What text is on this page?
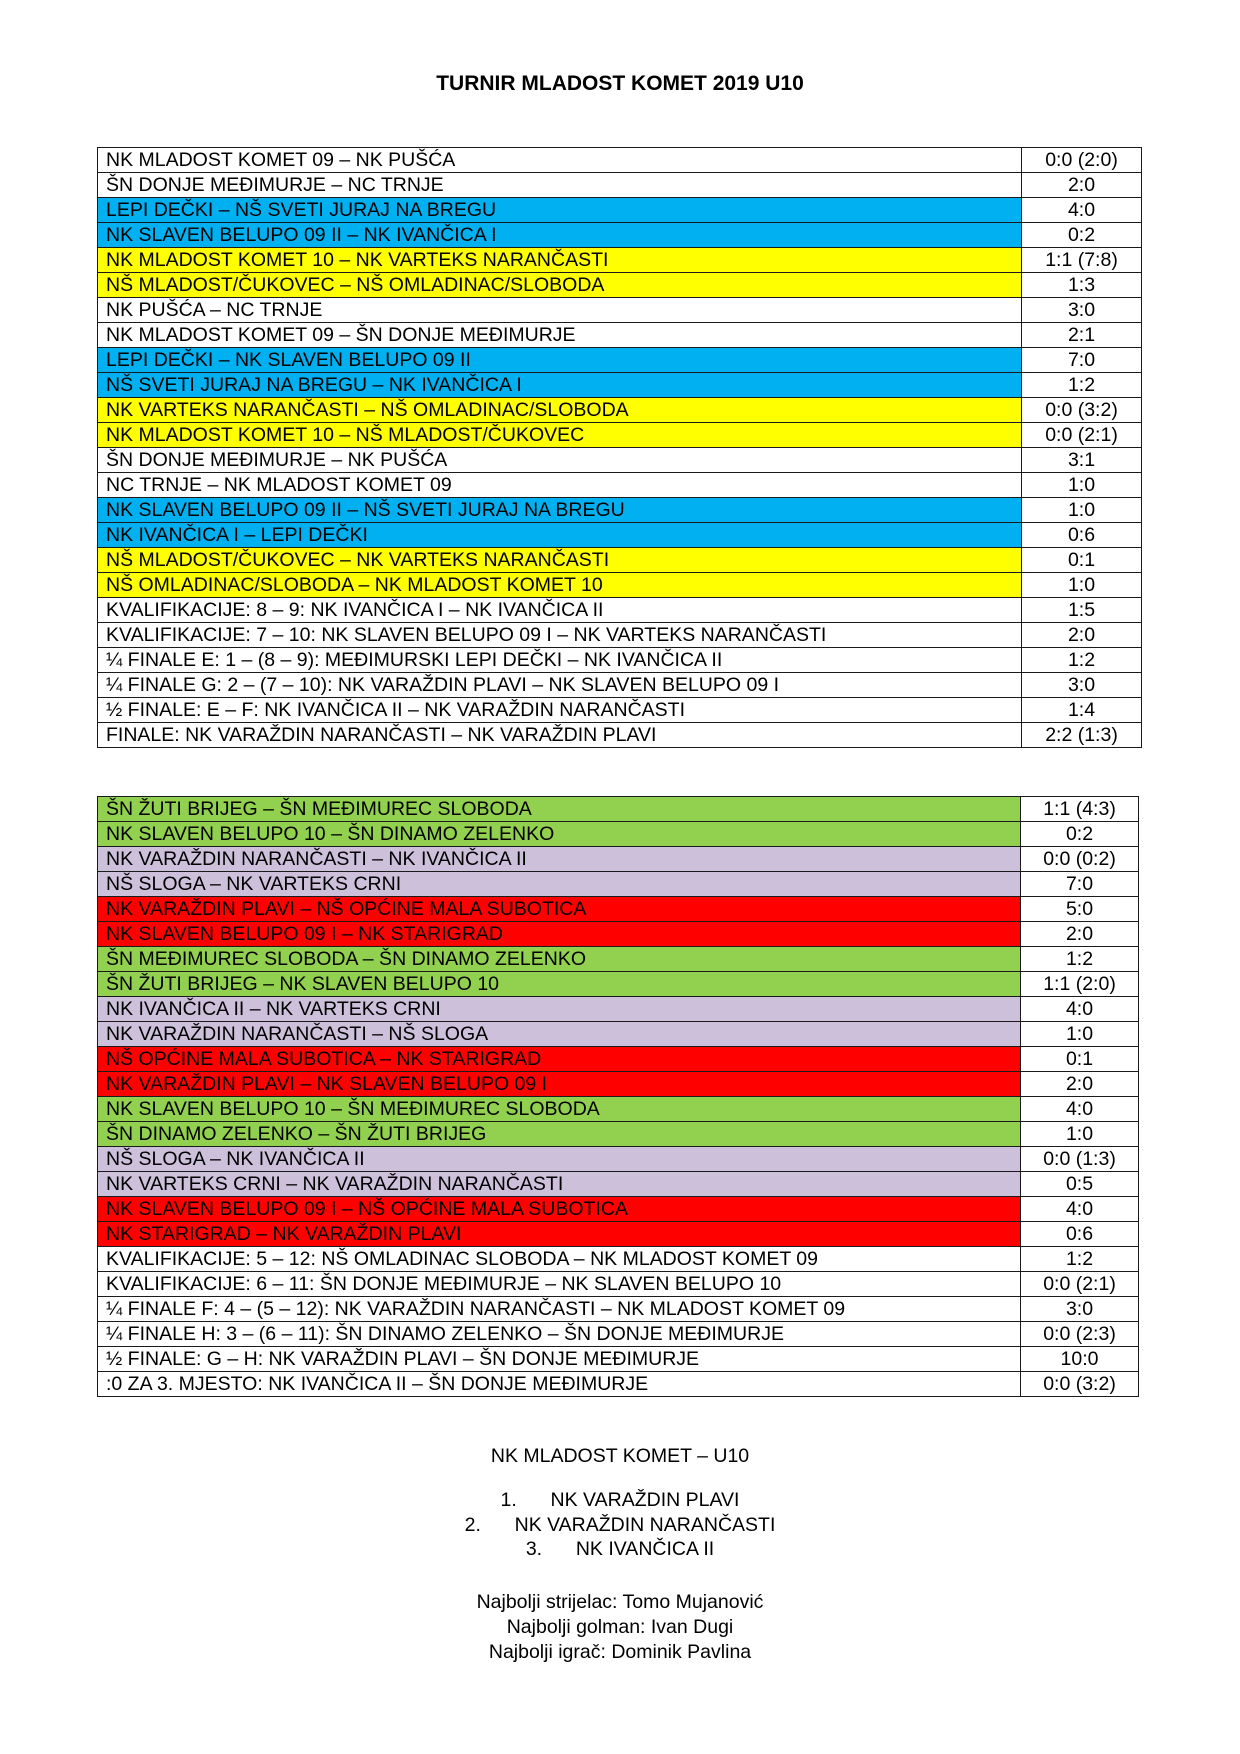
TURNIR MLADOST KOMET 2019 U10
NK MLADOST KOMET 09 – NK PUŠĆA	0:0 (2:0)
ŠN DONJE MEĐIMURJE – NC TRNJE	2:0
LEPI DEČKI – NŠ SVETI JURAJ NA BREGU	4:0
NK SLAVEN BELUPO 09 II – NK IVANČICA I	0:2
NK MLADOST KOMET 10 – NK VARTEKS NARANČASTI	1:1 (7:8)
NŠ MLADOST/ČUKOVEC – NŠ OMLADINAC/SLOBODA	1:3
NK PUŠĆA – NC TRNJE	3:0
NK MLADOST KOMET 09 – ŠN DONJE MEĐIMURJE	2:1
LEPI DEČKI – NK SLAVEN BELUPO 09 II	7:0
NŠ SVETI JURAJ NA BREGU – NK IVANČICA I	1:2
NK VARTEKS NARANČASTI – NŠ OMLADINAC/SLOBODA	0:0 (3:2)
NK MLADOST KOMET 10 – NŠ MLADOST/ČUKOVEC	0:0 (2:1)
ŠN DONJE MEĐIMURJE – NK PUŠĆA	3:1
NC TRNJE – NK MLADOST KOMET 09	1:0
NK SLAVEN BELUPO 09 II – NŠ SVETI JURAJ NA BREGU	1:0
NK IVANČICA I – LEPI DEČKI	0:6
NŠ MLADOST/ČUKOVEC – NK VARTEKS NARANČASTI	0:1
NŠ OMLADINAC/SLOBODA – NK MLADOST KOMET 10	1:0
KVALIFIKACIJE: 8 – 9: NK IVANČICA I – NK IVANČICA II	1:5
KVALIFIKACIJE: 7 – 10: NK SLAVEN BELUPO 09 I – NK VARTEKS NARANČASTI	2:0
¼ FINALE E: 1 – (8 – 9): MEĐIMURSKI LEPI DEČKI – NK IVANČICA II	1:2
¼ FINALE G: 2 – (7 – 10): NK VARAŽDIN PLAVI – NK SLAVEN BELUPO 09 I	3:0
½ FINALE: E – F: NK IVANČICA II – NK VARAŽDIN NARANČASTI	1:4
FINALE: NK VARAŽDIN NARANČASTI – NK VARAŽDIN PLAVI	2:2 (1:3)
ŠN ŽUTI BRIJEG – ŠN MEĐIMUREC SLOBODA	1:1 (4:3)
NK SLAVEN BELUPO 10 – ŠN DINAMO ZELENKO	0:2
NK VARAŽDIN NARANČASTI – NK IVANČICA II	0:0 (0:2)
NŠ SLOGA – NK VARTEKS CRNI	7:0
NK VARAŽDIN PLAVI – NŠ OPĆINE MALA SUBOTICA	5:0
NK SLAVEN BELUPO 09 I – NK STARIGRAD	2:0
ŠN MEĐIMUREC SLOBODA – ŠN DINAMO ZELENKO	1:2
ŠN ŽUTI BRIJEG – NK SLAVEN BELUPO 10	1:1 (2:0)
NK IVANČICA II – NK VARTEKS CRNI	4:0
NK VARAŽDIN NARANČASTI – NŠ SLOGA	1:0
NŠ OPĆINE MALA SUBOTICA – NK STARIGRAD	0:1
NK VARAŽDIN PLAVI – NK SLAVEN BELUPO 09 I	2:0
NK SLAVEN BELUPO 10 – ŠN MEĐIMUREC SLOBODA	4:0
ŠN DINAMO ZELENKO – ŠN ŽUTI BRIJEG	1:0
NŠ SLOGA – NK IVANČICA II	0:0 (1:3)
NK VARTEKS CRNI – NK VARAŽDIN NARANČASTI	0:5
NK SLAVEN BELUPO 09 I – NŠ OPĆINE MALA SUBOTICA	4:0
NK STARIGRAD – NK VARAŽDIN PLAVI	0:6
KVALIFIKACIJE: 5 – 12: NŠ OMLADINAC SLOBODA – NK MLADOST KOMET 09	1:2
KVALIFIKACIJE: 6 – 11: ŠN DONJE MEĐIMURJE – NK SLAVEN BELUPO 10	0:0 (2:1)
¼ FINALE F: 4 – (5 – 12): NK VARAŽDIN NARANČASTI – NK MLADOST KOMET 09	3:0
¼ FINALE H: 3 – (6 – 11): ŠN DINAMO ZELENKO – ŠN DONJE MEĐIMURJE	0:0 (2:3)
½ FINALE: G – H: NK VARAŽDIN PLAVI – ŠN DONJE MEĐIMURJE	10:0
:0 ZA 3. MJESTO: NK IVANČICA II – ŠN DONJE MEĐIMURJE	0:0 (3:2)
NK MLADOST KOMET – U10
1. NK VARAŽDIN PLAVI
2. NK VARAŽDIN NARANČASTI
3. NK IVANČICA II
Najbolji strijelac: Tomo Mujanović
Najbolji golman: Ivan Dugi
Najbolji igrač: Dominik Pavlina
